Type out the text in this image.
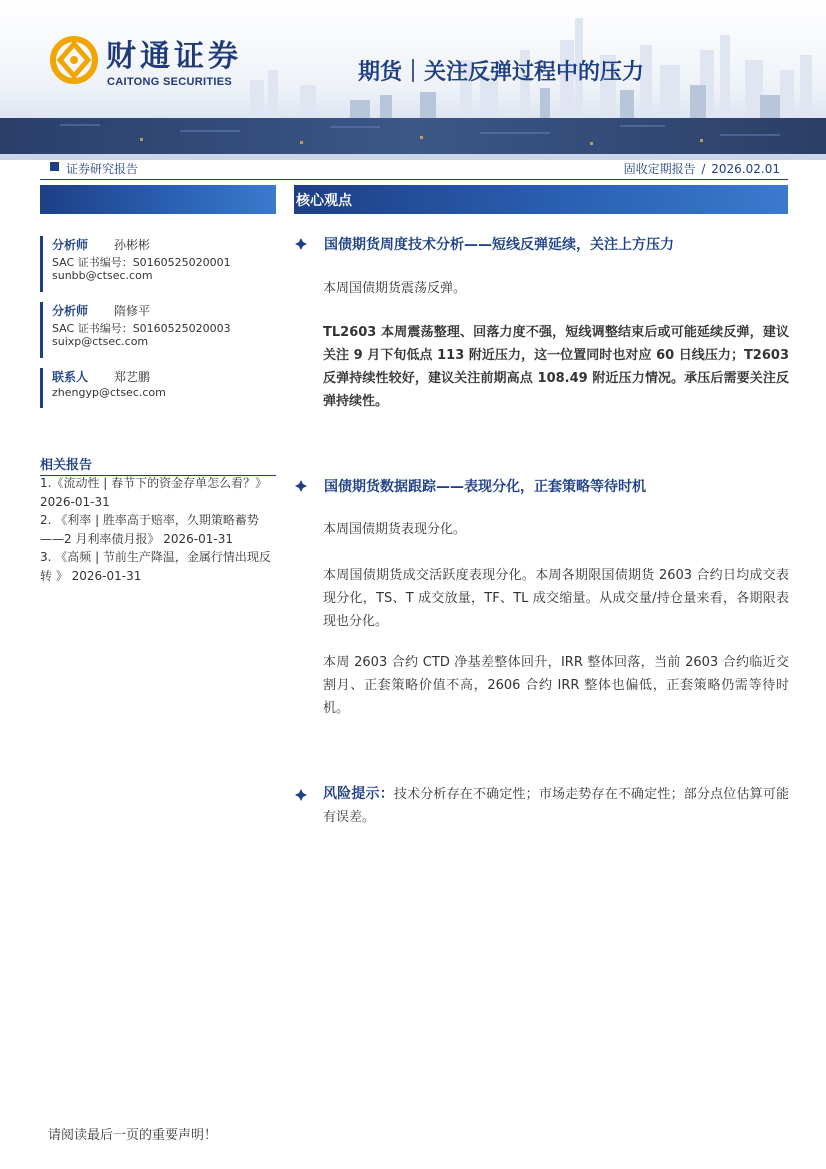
财通证券
CAITONG SECURITIES	期货｜关注反弹过程中的压力
证券研究报告	固收定期报告 / 2026.02.01
分析师 孙彬彬
SAC 证书编号：S0160525020001
sunbb@ctsec.com
分析师 隋修平
SAC 证书编号：S0160525020003
suixp@ctsec.com
联系人 郑艺鹏
zhengyp@ctsec.com
相关报告
1.《流动性 | 春节下的资金存单怎么看？》 2026-01-31
2. 《利率 | 胜率高于赔率，久期策略蓄势——2 月利率债月报》 2026-01-31
3. 《高频 | 节前生产降温，金属行情出现反转 》 2026-01-31
核心观点
国债期货周度技术分析——短线反弹延续，关注上方压力
本周国债期货震荡反弹。
TL2603 本周震荡整理、回落力度不强，短线调整结束后或可能延续反弹，建议关注 9 月下旬低点 113 附近压力，这一位置同时也对应 60 日线压力；T2603 反弹持续性较好，建议关注前期高点 108.49 附近压力情况。承压后需要关注反弹持续性。
国债期货数据跟踪——表现分化，正套策略等待时机
本周国债期货表现分化。
本周国债期货成交活跃度表现分化。本周各期限国债期货 2603 合约日均成交表现分化，TS、T 成交放量，TF、TL 成交缩量。从成交量/持仓量来看，各期限表现也分化。
本周 2603 合约 CTD 净基差整体回升，IRR 整体回落，当前 2603 合约临近交割月、正套策略价值不高，2606 合约 IRR 整体也偏低，正套策略仍需等待时机。
风险提示：技术分析存在不确定性；市场走势存在不确定性；部分点位估算可能有误差。
请阅读最后一页的重要声明！
